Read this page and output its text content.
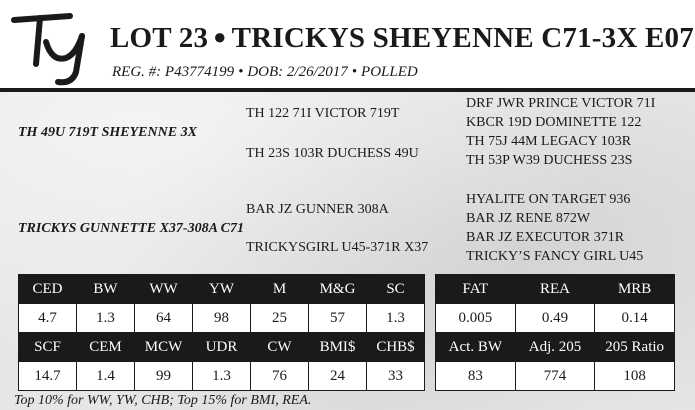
LOT 23 ● TRICKYS SHEYENNE C71-3X E07
REG. #: P43774199 • DOB: 2/26/2017 • POLLED
TH 49U 719T SHEYENNE 3X
TH 122 71I VICTOR 719T
TH 23S 103R DUCHESS 49U
DRF JWR PRINCE VICTOR 71I
KBCR 19D DOMINETTE 122
TH 75J 44M LEGACY 103R
TH 53P W39 DUCHESS 23S
TRICKYS GUNNETTE X37-308A C71
BAR JZ GUNNER 308A
TRICKYSGIRL U45-371R X37
HYALITE ON TARGET 936
BAR JZ RENE 872W
BAR JZ EXECUTOR 371R
TRICKY’S FANCY GIRL U45
CED	BW	WW	YW	M	M&G	SC
4.7	1.3	64	98	25	57	1.3
SCF	CEM	MCW	UDR	CW	BMI$	CHB$
14.7	1.4	99	1.3	76	24	33
FAT	REA	MRB
0.005	0.49	0.14
Act. BW	Adj. 205	205 Ratio
83	774	108
Top 10% for WW, YW, CHB; Top 15% for BMI, REA.
